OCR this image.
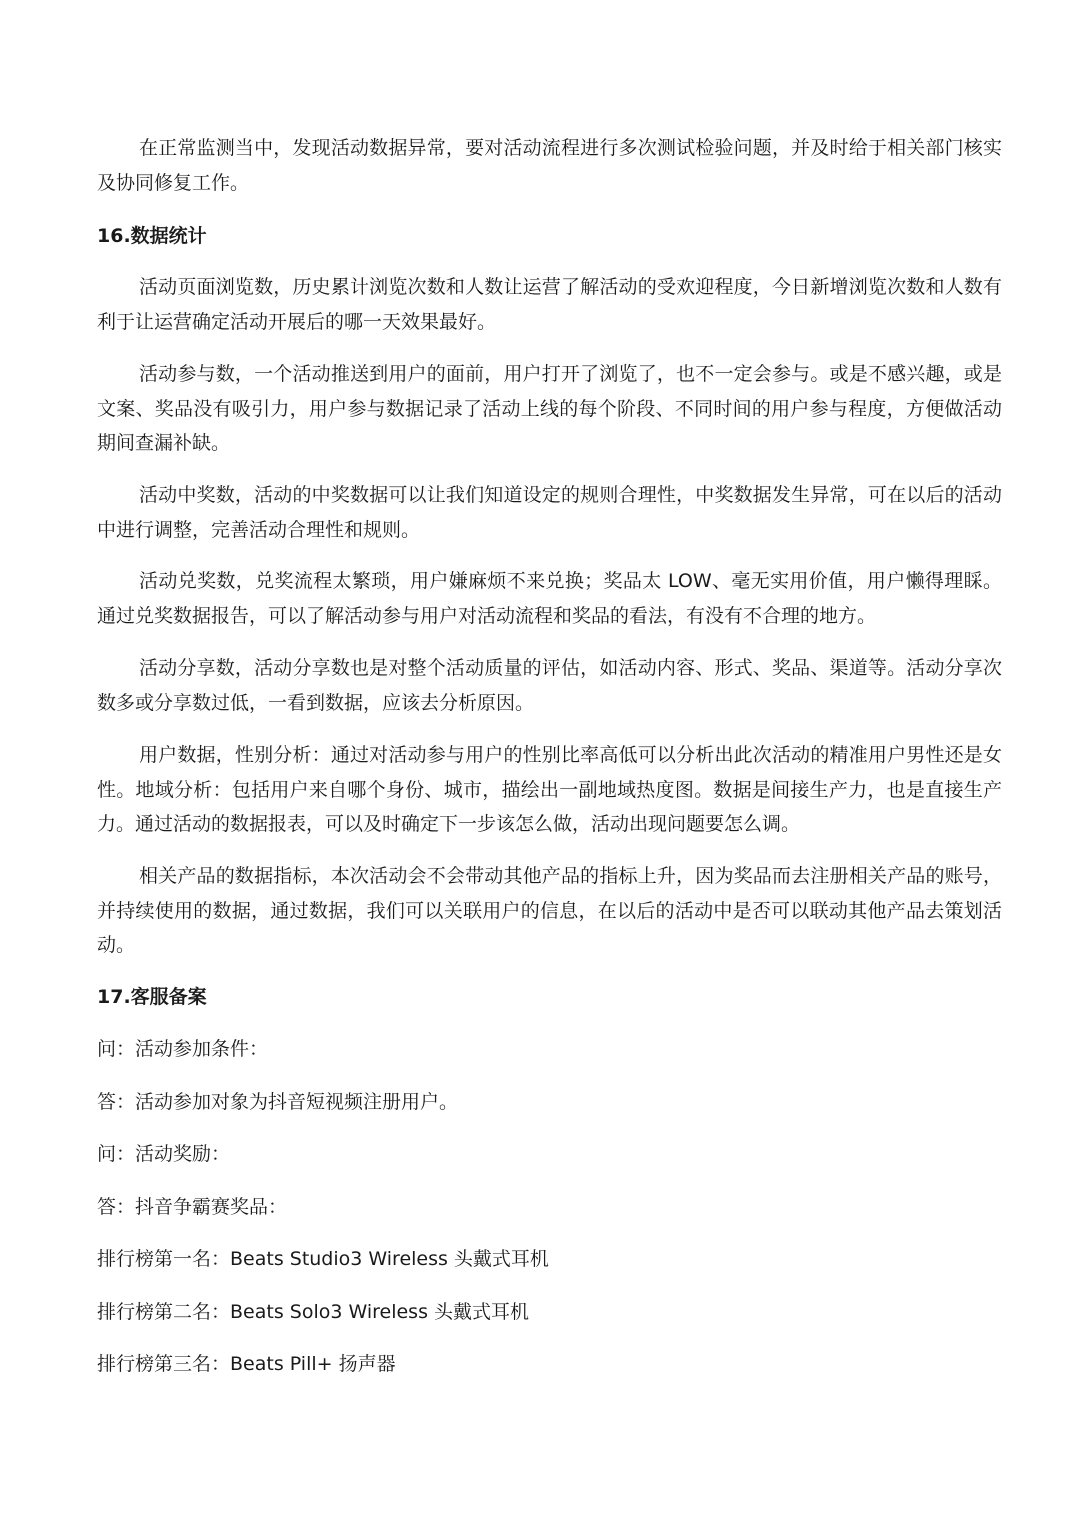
在正常监测当中，发现活动数据异常，要对活动流程进行多次测试检验问题，并及时给于相关部门核实及协同修复工作。

16.数据统计

活动页面浏览数，历史累计浏览次数和人数让运营了解活动的受欢迎程度，今日新增浏览次数和人数有利于让运营确定活动开展后的哪一天效果最好。

活动参与数，一个活动推送到用户的面前，用户打开了浏览了，也不一定会参与。或是不感兴趣，或是文案、奖品没有吸引力，用户参与数据记录了活动上线的每个阶段、不同时间的用户参与程度，方便做活动期间查漏补缺。

活动中奖数，活动的中奖数据可以让我们知道设定的规则合理性，中奖数据发生异常，可在以后的活动中进行调整，完善活动合理性和规则。

活动兑奖数，兑奖流程太繁琐，用户嫌麻烦不来兑换；奖品太 LOW、毫无实用价值，用户懒得理睬。通过兑奖数据报告，可以了解活动参与用户对活动流程和奖品的看法，有没有不合理的地方。

活动分享数，活动分享数也是对整个活动质量的评估，如活动内容、形式、奖品、渠道等。活动分享次数多或分享数过低，一看到数据，应该去分析原因。

用户数据，性别分析：通过对活动参与用户的性别比率高低可以分析出此次活动的精准用户男性还是女性。地域分析：包括用户来自哪个身份、城市，描绘出一副地域热度图。数据是间接生产力，也是直接生产力。通过活动的数据报表，可以及时确定下一步该怎么做，活动出现问题要怎么调。

相关产品的数据指标，本次活动会不会带动其他产品的指标上升，因为奖品而去注册相关产品的账号，并持续使用的数据，通过数据，我们可以关联用户的信息，在以后的活动中是否可以联动其他产品去策划活动。

17.客服备案

问：活动参加条件：

答：活动参加对象为抖音短视频注册用户。

问：活动奖励：

答：抖音争霸赛奖品：

排行榜第一名：Beats Studio3 Wireless 头戴式耳机

排行榜第二名：Beats Solo3 Wireless 头戴式耳机

排行榜第三名：Beats Pill+ 扬声器
